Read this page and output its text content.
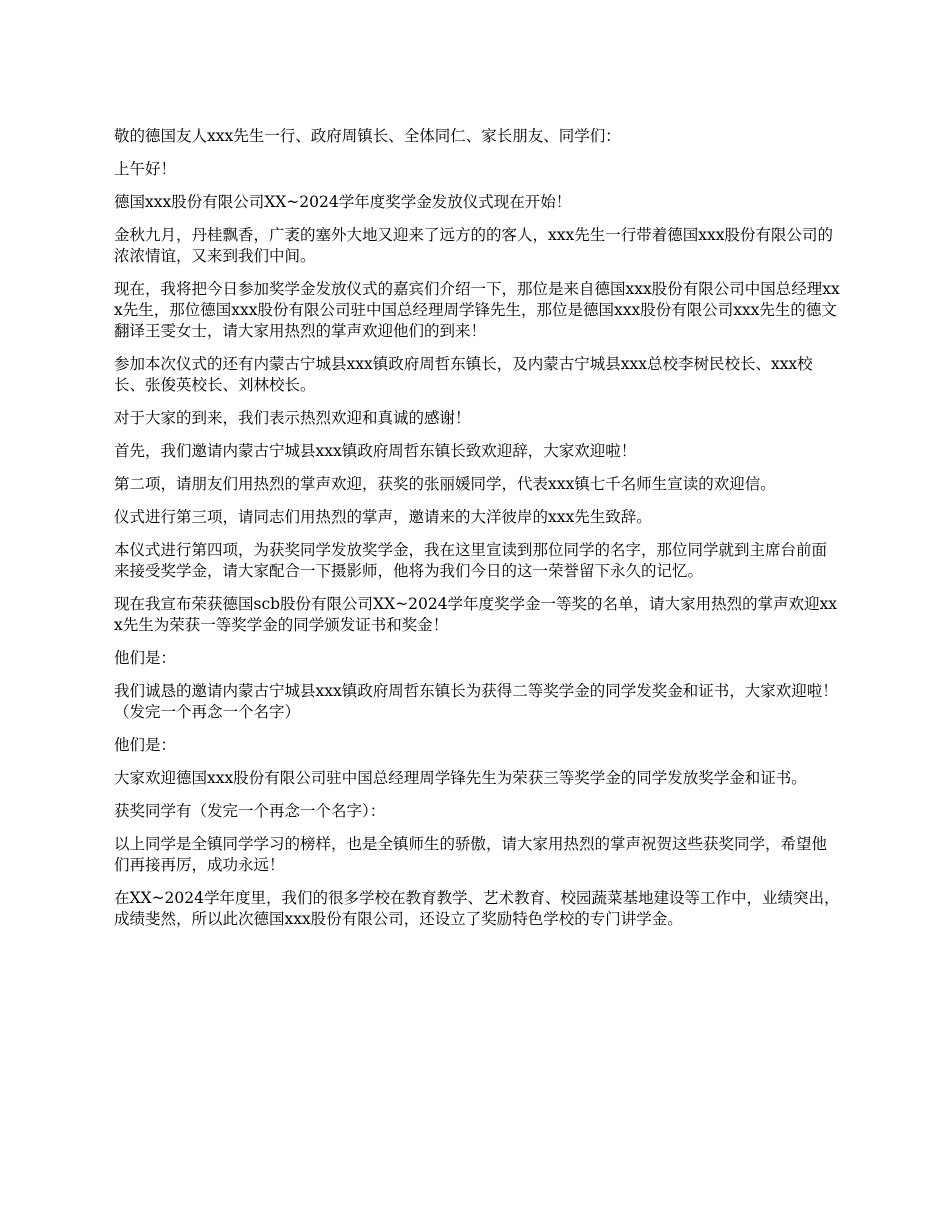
敬的德国友人xxx先生一行、政府周镇长、全体同仁、家长朋友、同学们：

上午好！

德国xxx股份有限公司XX~2024学年度奖学金发放仪式现在开始！

金秋九月，丹桂飘香，广袤的塞外大地又迎来了远方的的客人，xxx先生一行带着德国xxx股份有限公司的浓浓情谊，又来到我们中间。

现在，我将把今日参加奖学金发放仪式的嘉宾们介绍一下，那位是来自德国xxx股份有限公司中国总经理xxx先生，那位德国xxx股份有限公司驻中国总经理周学锋先生，那位是德国xxx股份有限公司xxx先生的德文翻译王雯女士，请大家用热烈的掌声欢迎他们的到来！

参加本次仪式的还有内蒙古宁城县xxx镇政府周哲东镇长，及内蒙古宁城县xxx总校李树民校长、xxx校长、张俊英校长、刘林校长。

对于大家的到来，我们表示热烈欢迎和真诚的感谢！

首先，我们邀请内蒙古宁城县xxx镇政府周哲东镇长致欢迎辞，大家欢迎啦！

第二项，请朋友们用热烈的掌声欢迎，获奖的张丽媛同学，代表xxx镇七千名师生宣读的欢迎信。

仪式进行第三项，请同志们用热烈的掌声，邀请来的大洋彼岸的xxx先生致辞。

本仪式进行第四项，为获奖同学发放奖学金，我在这里宣读到那位同学的名字，那位同学就到主席台前面来接受奖学金，请大家配合一下摄影师，他将为我们今日的这一荣誉留下永久的记忆。

现在我宣布荣获德国scb股份有限公司XX~2024学年度奖学金一等奖的名单，请大家用热烈的掌声欢迎xxx先生为荣获一等奖学金的同学颁发证书和奖金！

他们是：

我们诚恳的邀请内蒙古宁城县xxx镇政府周哲东镇长为获得二等奖学金的同学发奖金和证书，大家欢迎啦！（发完一个再念一个名字）

他们是：

大家欢迎德国xxx股份有限公司驻中国总经理周学锋先生为荣获三等奖学金的同学发放奖学金和证书。

获奖同学有（发完一个再念一个名字）：

以上同学是全镇同学学习的榜样，也是全镇师生的骄傲，请大家用热烈的掌声祝贺这些获奖同学，希望他们再接再厉，成功永远！

在XX~2024学年度里，我们的很多学校在教育教学、艺术教育、校园蔬菜基地建设等工作中，业绩突出，成绩斐然，所以此次德国xxx股份有限公司，还设立了奖励特色学校的专门讲学金。
